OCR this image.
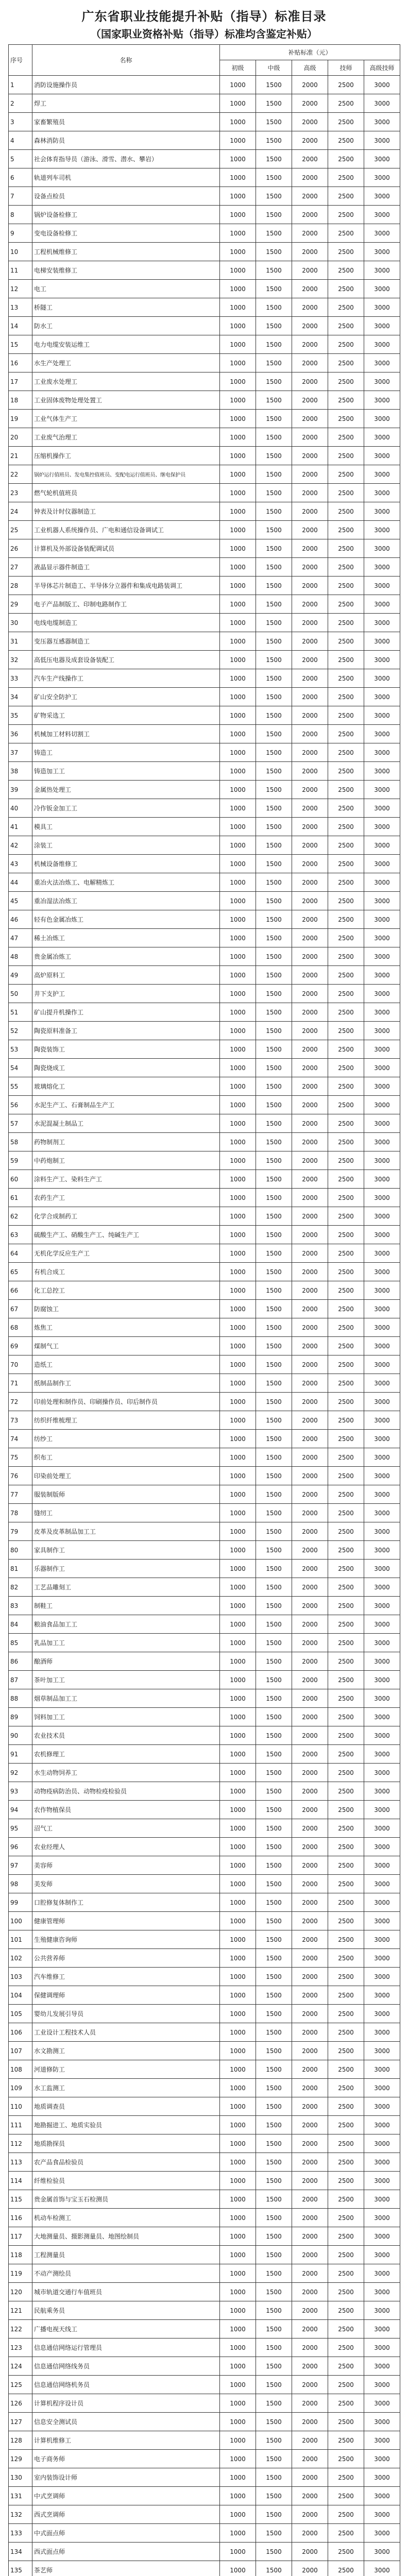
广东省职业技能提升补贴（指导）标准目录
（国家职业资格补贴（指导）标准均含鉴定补贴）
序号	名称	补贴标准（元）				
		初级	中级	高级	技师	高级技师
1	消防设施操作员	1000	1500	2000	2500	3000
2	焊工	1000	1500	2000	2500	3000
3	家畜繁殖员	1000	1500	2000	2500	3000
4	森林消防员	1000	1500	2000	2500	3000
5	社会体育指导员（游泳、滑雪、潜水、攀岩）	1000	1500	2000	2500	3000
6	轨道列车司机	1000	1500	2000	2500	3000
7	设备点检员	1000	1500	2000	2500	3000
8	锅炉设备检修工	1000	1500	2000	2500	3000
9	变电设备检修工	1000	1500	2000	2500	3000
10	工程机械维修工	1000	1500	2000	2500	3000
11	电梯安装维修工	1000	1500	2000	2500	3000
12	电工	1000	1500	2000	2500	3000
13	桥隧工	1000	1500	2000	2500	3000
14	防水工	1000	1500	2000	2500	3000
15	电力电缆安装运维工	1000	1500	2000	2500	3000
16	水生产处理工	1000	1500	2000	2500	3000
17	工业废水处理工	1000	1500	2000	2500	3000
18	工业固体废物处理处置工	1000	1500	2000	2500	3000
19	工业气体生产工	1000	1500	2000	2500	3000
20	工业废气治理工	1000	1500	2000	2500	3000
21	压缩机操作工	1000	1500	2000	2500	3000
22	锅炉运行值班员、发电集控值班员、变配电运行值班员、继电保护员	1000	1500	2000	2500	3000
23	燃气轮机值班员	1000	1500	2000	2500	3000
24	钟表及计时仪器制造工	1000	1500	2000	2500	3000
25	工业机器人系统操作员、广电和通信设备调试工	1000	1500	2000	2500	3000
26	计算机及外部设备装配调试员	1000	1500	2000	2500	3000
27	液晶显示器件制造工	1000	1500	2000	2500	3000
28	半导体芯片制造工、半导体分立器件和集成电路装调工	1000	1500	2000	2500	3000
29	电子产品制版工、印制电路制作工	1000	1500	2000	2500	3000
30	电线电缆制造工	1000	1500	2000	2500	3000
31	变压器互感器制造工	1000	1500	2000	2500	3000
32	高低压电器及成套设备装配工	1000	1500	2000	2500	3000
33	汽车生产线操作工	1000	1500	2000	2500	3000
34	矿山安全防护工	1000	1500	2000	2500	3000
35	矿物采选工	1000	1500	2000	2500	3000
36	机械加工材料切割工	1000	1500	2000	2500	3000
37	铸造工	1000	1500	2000	2500	3000
38	铸造加工工	1000	1500	2000	2500	3000
39	金属热处理工	1000	1500	2000	2500	3000
40	冷作钣金加工工	1000	1500	2000	2500	3000
41	模具工	1000	1500	2000	2500	3000
42	涂装工	1000	1500	2000	2500	3000
43	机械设备维修工	1000	1500	2000	2500	3000
44	重冶火法冶炼工、电解精炼工	1000	1500	2000	2500	3000
45	重冶湿法冶炼工	1000	1500	2000	2500	3000
46	轻有色金属冶炼工	1000	1500	2000	2500	3000
47	稀土冶炼工	1000	1500	2000	2500	3000
48	贵金属冶炼工	1000	1500	2000	2500	3000
49	高炉原料工	1000	1500	2000	2500	3000
50	井下支护工	1000	1500	2000	2500	3000
51	矿山提升机操作工	1000	1500	2000	2500	3000
52	陶瓷原料准备工	1000	1500	2000	2500	3000
53	陶瓷装饰工	1000	1500	2000	2500	3000
54	陶瓷烧成工	1000	1500	2000	2500	3000
55	玻璃熔化工	1000	1500	2000	2500	3000
56	水泥生产工、石膏制品生产工	1000	1500	2000	2500	3000
57	水泥混凝土制品工	1000	1500	2000	2500	3000
58	药物制剂工	1000	1500	2000	2500	3000
59	中药炮制工	1000	1500	2000	2500	3000
60	涂料生产工、染料生产工	1000	1500	2000	2500	3000
61	农药生产工	1000	1500	2000	2500	3000
62	化学合成制药工	1000	1500	2000	2500	3000
63	硫酸生产工、硝酸生产工、纯碱生产工	1000	1500	2000	2500	3000
64	无机化学反应生产工	1000	1500	2000	2500	3000
65	有机合成工	1000	1500	2000	2500	3000
66	化工总控工	1000	1500	2000	2500	3000
67	防腐蚀工	1000	1500	2000	2500	3000
68	炼焦工	1000	1500	2000	2500	3000
69	煤制气工	1000	1500	2000	2500	3000
70	造纸工	1000	1500	2000	2500	3000
71	纸制品制作工	1000	1500	2000	2500	3000
72	印前处理和制作员、印刷操作员、印后制作员	1000	1500	2000	2500	3000
73	纺织纤维梳理工	1000	1500	2000	2500	3000
74	纺纱工	1000	1500	2000	2500	3000
75	织布工	1000	1500	2000	2500	3000
76	印染前处理工	1000	1500	2000	2500	3000
77	服装制版师	1000	1500	2000	2500	3000
78	缝纫工	1000	1500	2000	2500	3000
79	皮革及皮革制品加工工	1000	1500	2000	2500	3000
80	家具制作工	1000	1500	2000	2500	3000
81	乐器制作工	1000	1500	2000	2500	3000
82	工艺品雕刻工	1000	1500	2000	2500	3000
83	制鞋工	1000	1500	2000	2500	3000
84	粮油食品加工工	1000	1500	2000	2500	3000
85	乳品加工工	1000	1500	2000	2500	3000
86	酿酒师	1000	1500	2000	2500	3000
87	茶叶加工工	1000	1500	2000	2500	3000
88	烟草制品加工工	1000	1500	2000	2500	3000
89	饲料加工工	1000	1500	2000	2500	3000
90	农业技术员	1000	1500	2000	2500	3000
91	农机修理工	1000	1500	2000	2500	3000
92	水生动物饲养工	1000	1500	2000	2500	3000
93	动物疫病防治员、动物检疫检验员	1000	1500	2000	2500	3000
94	农作物植保员	1000	1500	2000	2500	3000
95	沼气工	1000	1500	2000	2500	3000
96	农业经理人	1000	1500	2000	2500	3000
97	美容师	1000	1500	2000	2500	3000
98	美发师	1000	1500	2000	2500	3000
99	口腔修复体制作工	1000	1500	2000	2500	3000
100	健康管理师	1000	1500	2000	2500	3000
101	生殖健康咨询师	1000	1500	2000	2500	3000
102	公共营养师	1000	1500	2000	2500	3000
103	汽车维修工	1000	1500	2000	2500	3000
104	保健调理师	1000	1500	2000	2500	3000
105	婴幼儿发展引导员	1000	1500	2000	2500	3000
106	工业设计工程技术人员	1000	1500	2000	2500	3000
107	水文勘测工	1000	1500	2000	2500	3000
108	河道修防工	1000	1500	2000	2500	3000
109	水工监测工	1000	1500	2000	2500	3000
110	地质调查员	1000	1500	2000	2500	3000
111	地勘掘进工、地质实验员	1000	1500	2000	2500	3000
112	地质勘探员	1000	1500	2000	2500	3000
113	农产品食品检验员	1000	1500	2000	2500	3000
114	纤维检验员	1000	1500	2000	2500	3000
115	贵金属首饰与宝玉石检测员	1000	1500	2000	2500	3000
116	机动车检测工	1000	1500	2000	2500	3000
117	大地测量员、摄影测量员、地图绘制员	1000	1500	2000	2500	3000
118	工程测量员	1000	1500	2000	2500	3000
119	不动产测绘员	1000	1500	2000	2500	3000
120	城市轨道交通行车值班员	1000	1500	2000	2500	3000
121	民航乘务员	1000	1500	2000	2500	3000
122	广播电视天线工	1000	1500	2000	2500	3000
123	信息通信网络运行管理员	1000	1500	2000	2500	3000
124	信息通信网络线务员	1000	1500	2000	2500	3000
125	信息通信网络机务员	1000	1500	2000	2500	3000
126	计算机程序设计员	1000	1500	2000	2500	3000
127	信息安全测试员	1000	1500	2000	2500	3000
128	计算机维修工	1000	1500	2000	2500	3000
129	电子商务师	1000	1500	2000	2500	3000
130	室内装饰设计师	1000	1500	2000	2500	3000
131	中式烹调师	1000	1500	2000	2500	3000
132	西式烹调师	1000	1500	2000	2500	3000
133	中式面点师	1000	1500	2000	2500	3000
134	西式面点师	1000	1500	2000	2500	3000
135	茶艺师	1000	1500	2000	2500	3000
